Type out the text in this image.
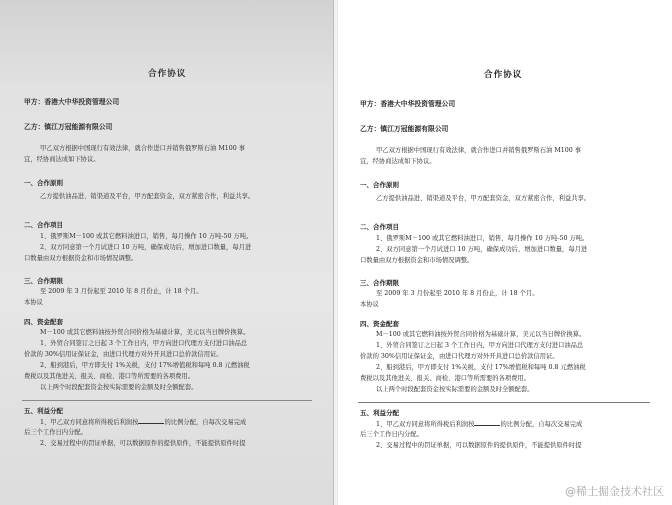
合作协议
甲方：香港大中华投资管理公司
乙方：镇江万冠能源有限公司
甲乙双方根据中国现行有效法律，就合作进口并销售俄罗斯石油 M100 事
宜，经协商达成如下协议。
一、合作原则
乙方提供油品进、销渠道及平台，甲方配套资金，双方紧密合作，利益共享。
二、合作项目
1、俄罗斯M－100 或其它燃料油进口，销售，每月操作 10 万吨-50 万吨。
2、双方同意第一个月试进口 10 万吨，确保成功后，增加进口数量，每月进
口数量由双方根据资金和市场情况调整。
三、合作期限
至 2009 年 3 月份起至 2010 年 8 月份止，计 18 个月。
本协议
四、资金配套
M－100 或其它燃料油按外贸合同价格为基础计算，美元以当日牌价换算。
1、外贸合同签订之日起 3 个工作日内，甲方向进口代理方支付进口油品总
价款的 30%信用证保证金，由进口代理方对外开具进口总价款信用证。
2、船到港后，甲方即支付 1%关税，支付 17%增值税和每吨 0.8 元燃油税
费税以及其他进关、报关、商检、港口等所需要的各项费用。
以上两个时段配套资金按实际需要的金额及时全额配套。
五、利益分配
1、甲乙双方同意将所得税后利润按	的比例分配，自每次交易完成
后三个工作日内分配。
2、交易过程中的罚证单据，可以数据原件的提供原件，不能提供原件时提
合作协议
甲方：香港大中华投资管理公司
乙方：镇江万冠能源有限公司
甲乙双方根据中国现行有效法律，就合作进口并销售俄罗斯石油 M100 事
宜，经协商达成如下协议。
一、合作原则
乙方提供油品进、销渠道及平台，甲方配套资金，双方紧密合作，利益共享。
二、合作项目
1、俄罗斯M－100 或其它燃料油进口，销售，每月操作 10 万吨-50 万吨。
2、双方同意第一个月试进口 10 万吨，确保成功后，增加进口数量，每月进
口数量由双方根据资金和市场情况调整。
三、合作期限
至 2009 年 3 月份起至 2010 年 8 月份止，计 18 个月。
本协议
四、资金配套
M－100 或其它燃料油按外贸合同价格为基础计算，美元以当日牌价换算。
1、外贸合同签订之日起 3 个工作日内，甲方向进口代理方支付进口油品总
价款的 30%信用证保证金，由进口代理方对外开具进口总价款信用证。
2、船到港后，甲方即支付 1%关税，支付 17%增值税和每吨 0.8 元燃油税
费税以及其他进关、报关、商检、港口等所需要的各项费用。
以上两个时段配套资金按实际需要的金额及时全额配套。
五、利益分配
1、甲乙双方同意将所得税后利润按	的比例分配，自每次交易完成
后三个工作日内分配。
2、交易过程中的罚证单据，可以数据原件的提供原件，不能提供原件时提
@稀土掘金技术社区
